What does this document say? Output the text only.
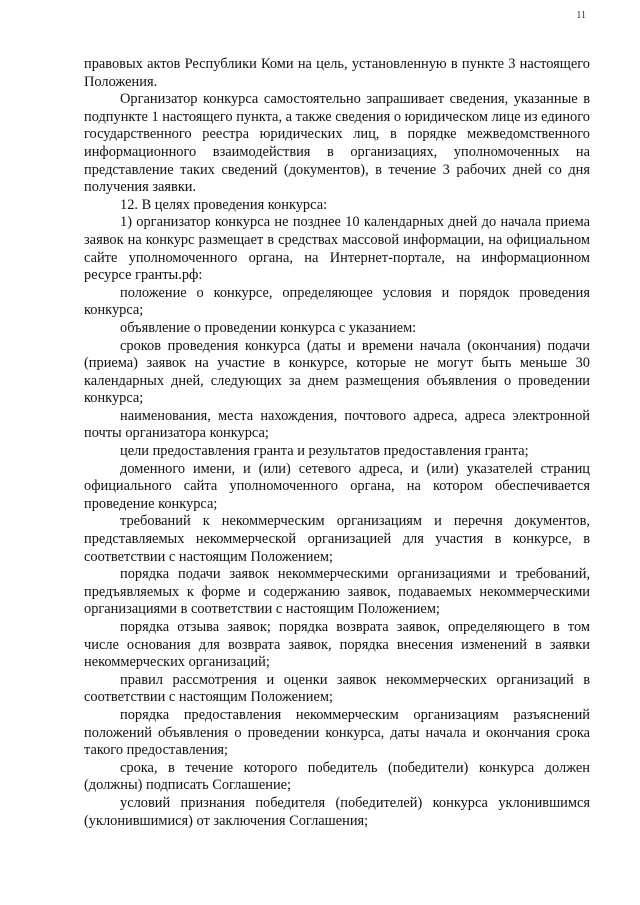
11

правовых актов Республики Коми на цель, установленную в пункте 3 настоящего Положения.

Организатор конкурса самостоятельно запрашивает сведения, указанные в подпункте 1 настоящего пункта, а также сведения о юридическом лице из единого государственного реестра юридических лиц, в порядке межведомственного информационного взаимодействия в организациях, уполномоченных на представление таких сведений (документов), в течение 3 рабочих дней со дня получения заявки.

12. В целях проведения конкурса:

1) организатор конкурса не позднее 10 календарных дней до начала приема заявок на конкурс размещает в средствах массовой информации, на официальном сайте уполномоченного органа, на Интернет-портале, на информационном ресурсе гранты.рф:

положение о конкурсе, определяющее условия и порядок проведения конкурса;

объявление о проведении конкурса с указанием:

сроков проведения конкурса (даты и времени начала (окончания) подачи (приема) заявок на участие в конкурсе, которые не могут быть меньше 30 календарных дней, следующих за днем размещения объявления о проведении конкурса;

наименования, места нахождения, почтового адреса, адреса электронной почты организатора конкурса;

цели предоставления гранта и результатов предоставления гранта;

доменного имени, и (или) сетевого адреса, и (или) указателей страниц официального сайта уполномоченного органа, на котором обеспечивается проведение конкурса;

требований к некоммерческим организациям и перечня документов, представляемых некоммерческой организацией для участия в конкурсе, в соответствии с настоящим Положением;

порядка подачи заявок некоммерческими организациями и требований, предъявляемых к форме и содержанию заявок, подаваемых некоммерческими организациями в соответствии с настоящим Положением;

порядка отзыва заявок; порядка возврата заявок, определяющего в том числе основания для возврата заявок, порядка внесения изменений в заявки некоммерческих организаций;

правил рассмотрения и оценки заявок некоммерческих организаций в соответствии с настоящим Положением;

порядка предоставления некоммерческим организациям разъяснений положений объявления о проведении конкурса, даты начала и окончания срока такого предоставления;

срока, в течение которого победитель (победители) конкурса должен (должны) подписать Соглашение;

условий признания победителя (победителей) конкурса уклонившимся (уклонившимися) от заключения Соглашения;
